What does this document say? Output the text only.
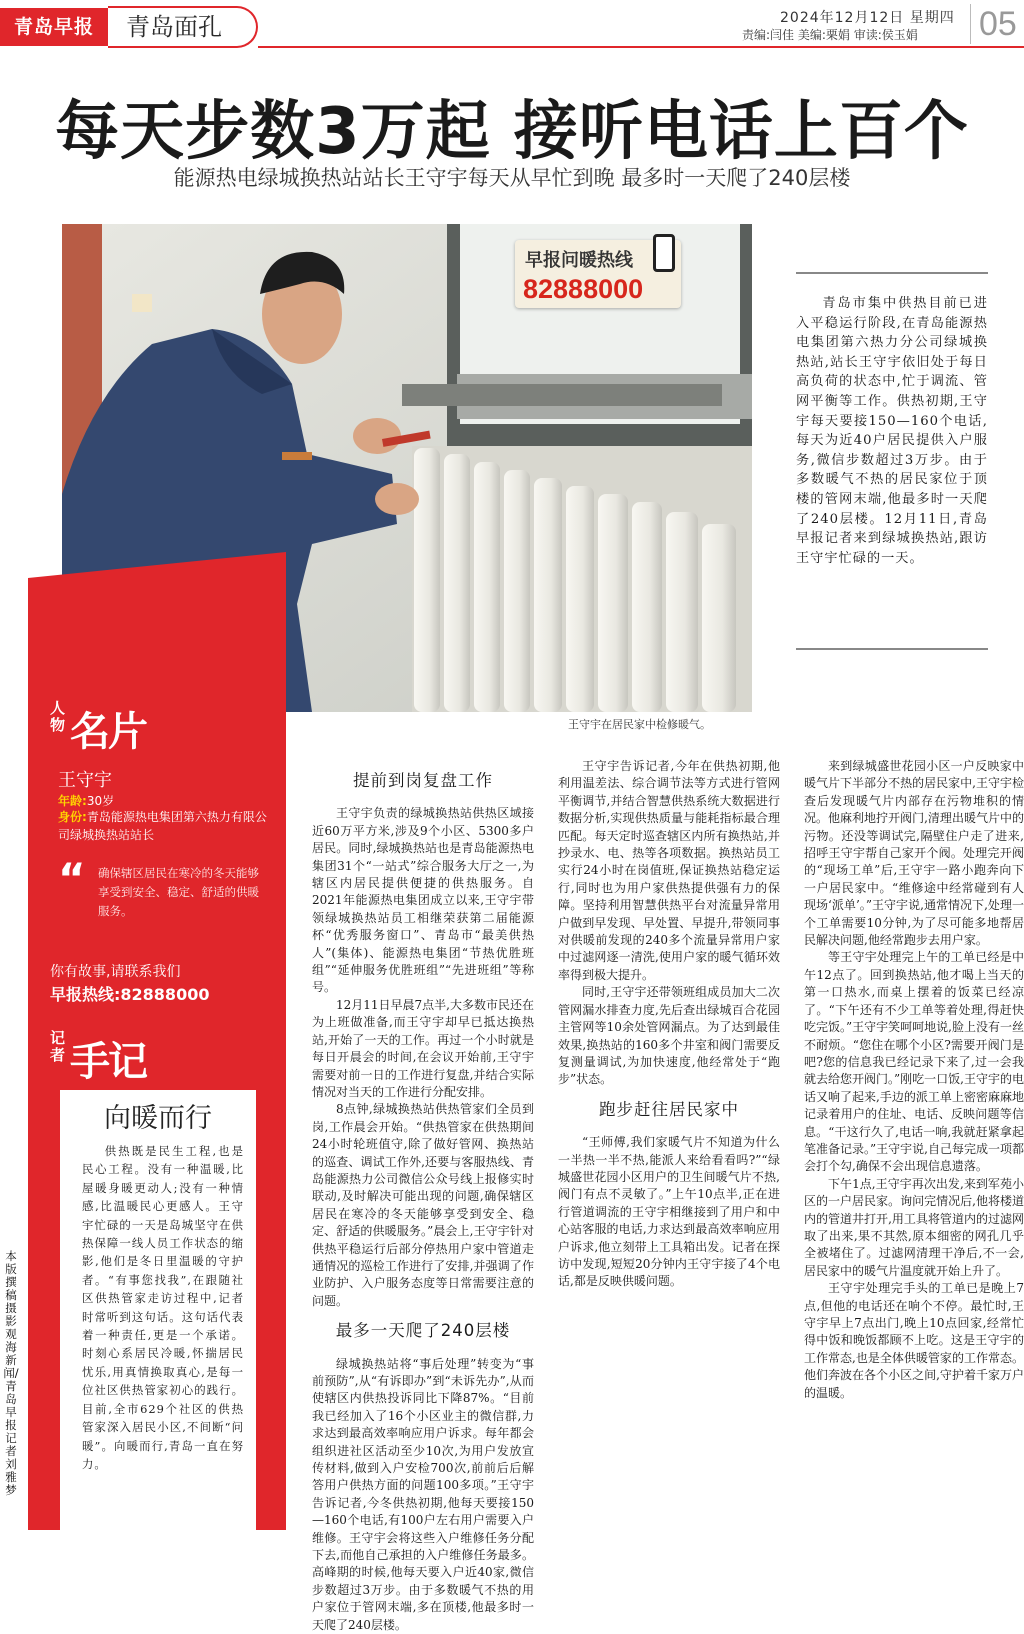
青岛早报	青岛面孔	2024年12月12日 星期四
责编:闫佳 美编:栗娟 审读:侯玉娟 05
每天步数3万起 接听电话上百个
能源热电绿城换热站站长王守宇每天从早忙到晚 最多时一天爬了240层楼
早报问暖热线
82888000
王守宇在居民家中检修暖气。

青岛市集中供热目前已进入平稳运行阶段,在青岛能源热电集团第六热力分公司绿城换热站,站长王守宇依旧处于每日高负荷的状态中,忙于调流、管网平衡等工作。供热初期,王守宇每天要接150—160个电话,每天为近40户居民提供入户服务,微信步数超过3万步。由于多数暖气不热的居民家位于顶楼的管网末端,他最多时一天爬了240层楼。12月11日,青岛早报记者来到绿城换热站,跟访王守宇忙碌的一天。

人物 名片
王守宇
年龄:30岁
身份:青岛能源热电集团第六热力有限公司绿城换热站站长
“ 确保辖区居民在寒冷的冬天能够享受到安全、稳定、舒适的供暖服务。
你有故事,请联系我们
早报热线:82888000
记者 手记
向暖而行

供热既是民生工程,也是民心工程。没有一种温暖,比屋暖身暖更动人;没有一种情感,比温暖民心更感人。王守宇忙碌的一天是岛城坚守在供热保障一线人员工作状态的缩影,他们是冬日里温暖的守护者。“有事您找我”,在跟随社区供热管家走访过程中,记者时常听到这句话。这句话代表着一种责任,更是一个承诺。时刻心系居民冷暖,怀揣居民忧乐,用真情换取真心,是每一位社区供热管家初心的践行。目前,全市629个社区的供热管家深入居民小区,不间断“问暖”。向暖而行,青岛一直在努力。

本版撰稿摄影 观海新闻/青岛早报记者 刘雅梦
提前到岗复盘工作

王守宇负责的绿城换热站供热区域接近60万平方米,涉及9个小区、5300多户居民。同时,绿城换热站也是青岛能源热电集团31个“一站式”综合服务大厅之一,为辖区内居民提供便捷的供热服务。自2021年能源热电集团成立以来,王守宇带领绿城换热站员工相继荣获第二届能源杯“优秀服务窗口”、青岛市“最美供热人”(集体)、能源热电集团“节热优胜班组”“延伸服务优胜班组”“先进班组”等称号。

12月11日早晨7点半,大多数市民还在为上班做准备,而王守宇却早已抵达换热站,开始了一天的工作。再过一个小时就是每日开晨会的时间,在会议开始前,王守宇需要对前一日的工作进行复盘,并结合实际情况对当天的工作进行分配安排。

8点钟,绿城换热站供热管家们全员到岗,工作晨会开始。“供热管家在供热期间24小时轮班值守,除了做好管网、换热站的巡查、调试工作外,还要与客服热线、青岛能源热力公司微信公众号线上报修实时联动,及时解决可能出现的问题,确保辖区居民在寒冷的冬天能够享受到安全、稳定、舒适的供暖服务。”晨会上,王守宇针对供热平稳运行后部分停热用户家中管道走通情况的巡检工作进行了安排,并强调了作业防护、入户服务态度等日常需要注意的问题。

最多一天爬了240层楼

绿城换热站将“事后处理”转变为“事前预防”,从“有诉即办”到“未诉先办”,从而使辖区内供热投诉同比下降87%。“目前我已经加入了16个小区业主的微信群,力求达到最高效率响应用户诉求。每年都会组织进社区活动至少10次,为用户发放宣传材料,做到入户安检700次,前前后后解答用户供热方面的问题100多项。”王守宇告诉记者,今冬供热初期,他每天要接150—160个电话,有100户左右用户需要入户维修。王守宇会将这些入户维修任务分配下去,而他自己承担的入户维修任务最多。高峰期的时候,他每天要入户近40家,微信步数超过3万步。由于多数暖气不热的用户家位于管网末端,多在顶楼,他最多时一天爬了240层楼。

王守宇告诉记者,今年在供热初期,他利用温差法、综合调节法等方式进行管网平衡调节,并结合智慧供热系统大数据进行数据分析,实现供热质量与能耗指标最合理匹配。每天定时巡查辖区内所有换热站,并抄录水、电、热等各项数据。换热站员工实行24小时在岗值班,保证换热站稳定运行,同时也为用户家供热提供强有力的保障。坚持利用智慧供热平台对流量异常用户做到早发现、早处置、早提升,带领同事对供暖前发现的240多个流量异常用户家中过滤网逐一清洗,使用户家的暖气循环效率得到极大提升。

同时,王守宇还带领班组成员加大二次管网漏水排查力度,先后查出绿城百合花园主管网等10余处管网漏点。为了达到最佳效果,换热站的160多个井室和阀门需要反复测量调试,为加快速度,他经常处于“跑步”状态。

跑步赶往居民家中

“王师傅,我们家暖气片不知道为什么一半热一半不热,能派人来给看看吗?”“绿城盛世花园小区用户的卫生间暖气片不热,阀门有点不灵敏了。”上午10点半,正在进行管道调流的王守宇相继接到了用户和中心站客服的电话,力求达到最高效率响应用户诉求,他立刻带上工具箱出发。记者在探访中发现,短短20分钟内王守宇接了4个电话,都是反映供暖问题。

来到绿城盛世花园小区一户反映家中暖气片下半部分不热的居民家中,王守宇检查后发现暖气片内部存在污物堆积的情况。他麻利地拧开阀门,清理出暖气片中的污物。还没等调试完,隔壁住户走了进来,招呼王守宇帮自己家开个阀。处理完开阀的“现场工单”后,王守宇一路小跑奔向下一户居民家中。“维修途中经常碰到有人现场‘派单’。”王守宇说,通常情况下,处理一个工单需要10分钟,为了尽可能多地帮居民解决问题,他经常跑步去用户家。

等王守宇处理完上午的工单已经是中午12点了。回到换热站,他才喝上当天的第一口热水,而桌上摆着的饭菜已经凉了。“下午还有不少工单等着处理,得赶快吃完饭。”王守宇笑呵呵地说,脸上没有一丝不耐烦。“您住在哪个小区?需要开阀门是吧?您的信息我已经记录下来了,过一会我就去给您开阀门。”刚吃一口饭,王守宇的电话又响了起来,手边的派工单上密密麻麻地记录着用户的住址、电话、反映问题等信息。“干这行久了,电话一响,我就赶紧拿起笔准备记录。”王守宇说,自己每完成一项都会打个勾,确保不会出现信息遗落。

下午1点,王守宇再次出发,来到军苑小区的一户居民家。询问完情况后,他将楼道内的管道井打开,用工具将管道内的过滤网取了出来,果不其然,原本细密的网孔几乎全被堵住了。过滤网清理干净后,不一会,居民家中的暖气片温度就开始上升了。

王守宇处理完手头的工单已是晚上7点,但他的电话还在响个不停。最忙时,王守宇早上7点出门,晚上10点回家,经常忙得中饭和晚饭都顾不上吃。这是王守宇的工作常态,也是全体供暖管家的工作常态。他们奔波在各个小区之间,守护着千家万户的温暖。
